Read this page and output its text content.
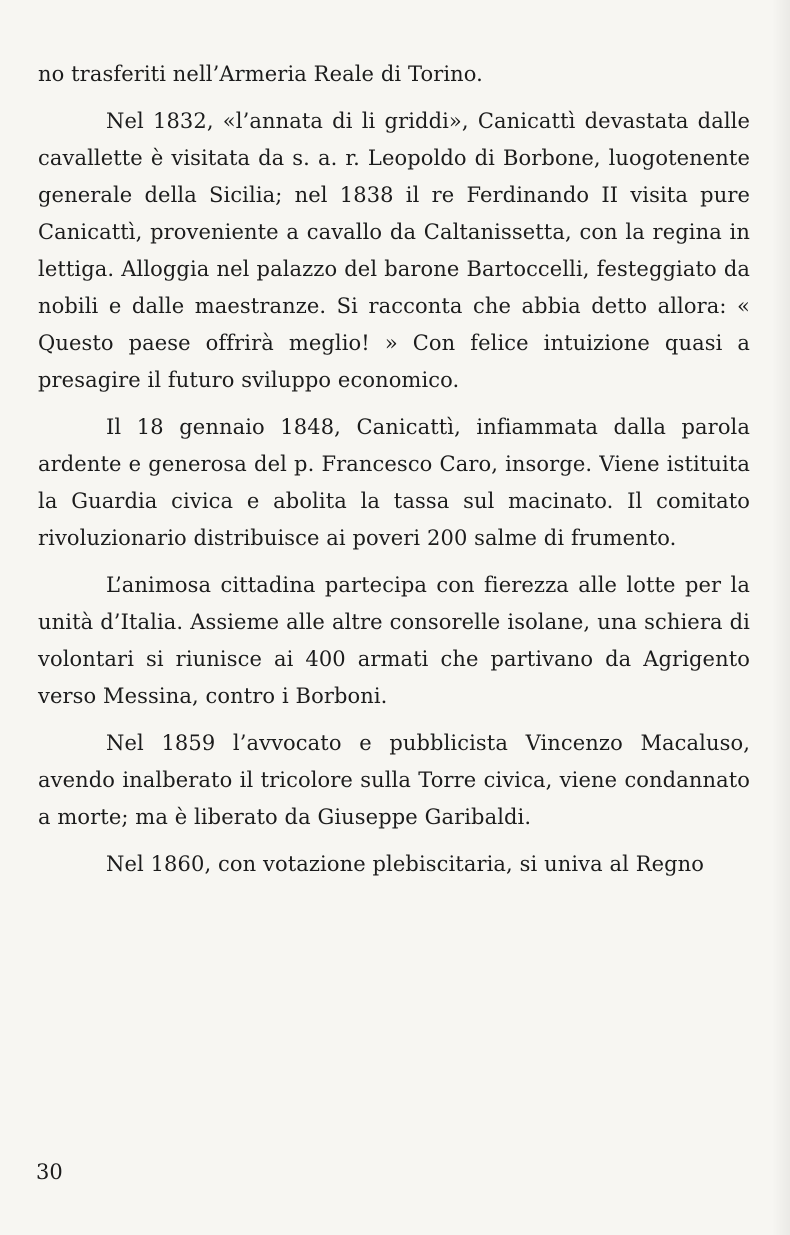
no trasferiti nell’Armeria Reale di Torino.

Nel 1832, «l’annata di li griddi», Canicattì devastata dalle cavallette è visitata da s. a. r. Leopoldo di Borbone, luogotenente generale della Sicilia; nel 1838 il re Ferdinando II visita pure Canicattì, proveniente a cavallo da Caltanissetta, con la regina in lettiga. Alloggia nel palazzo del barone Bartoccelli, festeggiato da nobili e dalle maestranze. Si racconta che abbia detto allora: « Questo paese offrirà meglio! » Con felice intuizione quasi a presagire il futuro sviluppo economico.

Il 18 gennaio 1848, Canicattì, infiammata dalla parola ardente e generosa del p. Francesco Caro, insorge. Viene istituita la Guardia civica e abolita la tassa sul macinato. Il comitato rivoluzionario distribuisce ai poveri 200 salme di frumento.

L’animosa cittadina partecipa con fierezza alle lotte per la unità d’Italia. Assieme alle altre consorelle isolane, una schiera di volontari si riunisce ai 400 armati che partivano da Agrigento verso Messina, contro i Borboni.

Nel 1859 l’avvocato e pubblicista Vincenzo Macaluso, avendo inalberato il tricolore sulla Torre civica, viene condannato a morte; ma è liberato da Giuseppe Garibaldi.

Nel 1860, con votazione plebiscitaria, si univa al Regno

30
